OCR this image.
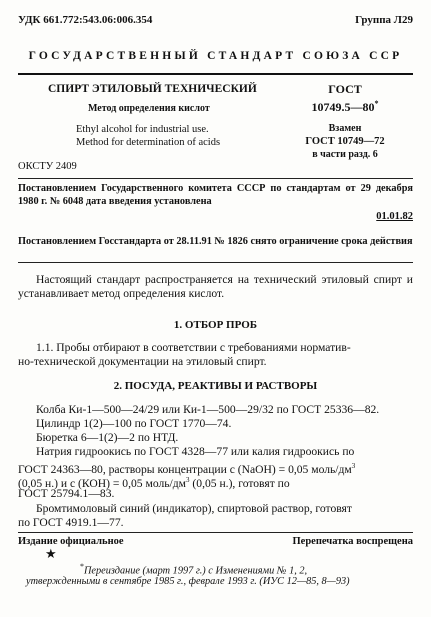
УДК 661.772:543.06:006.354	Группа Л29
ГОСУДАРСТВЕННЫЙ СТАНДАРТ СОЮЗА ССР
СПИРТ ЭТИЛОВЫЙ ТЕХНИЧЕСКИЙ
Метод определения кислот
Ethyl alcohol for industrial use.
Method for determination of acids
ОКСТУ 2409
ГОСТ
10749.5—80*
Взамен
ГОСТ 10749—72
в части разд. 6
Постановлением Государственного комитета СССР по стандартам от 29 декабря 1980 г. № 6048 дата введения установлена
01.01.82
Постановлением Госстандарта от 28.11.91 № 1826 снято ограничение срока действия
Настоящий стандарт распространяется на технический этиловый спирт и устанавливает метод определения кислот.
1. ОТБОР ПРОБ
1.1. Пробы отбирают в соответствии с требованиями норматив-
но-технической документации на этиловый спирт.
2. ПОСУДА, РЕАКТИВЫ И РАСТВОРЫ
Колба Ки-1—500—24/29 или Ки-1—500—29/32 по ГОСТ 25336—82.
Цилиндр 1(2)—100 по ГОСТ 1770—74.
Бюретка 6—1(2)—2 по НТД.
Натрия гидроокись по ГОСТ 4328—77 или калия гидроокись по
ГОСТ 24363—80, растворы концентрации с (NaOH) = 0,05 моль/$дм^3$
(0,05 н.) и с (КОН) = 0,05 моль/$дм^3$ (0,05 н.), готовят по
ГОСТ 25794.1—83.
Бромтимоловый синий (индикатор), спиртовой раствор, готовят
по ГОСТ 4919.1—77.
Издание официальное	Перепечатка воспрещена
★
*Переиздание (март 1997 г.) с Изменениями № 1, 2,
утвержденными в сентябре 1985 г., феврале 1993 г. (ИУС 12—85, 8—93)
